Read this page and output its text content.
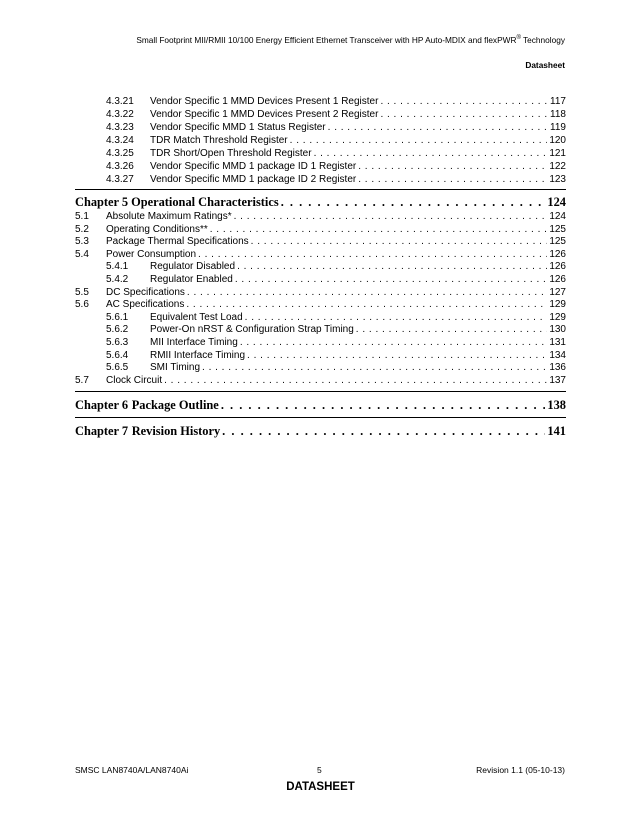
Small Footprint MII/RMII 10/100 Energy Efficient Ethernet Transceiver with HP Auto-MDIX and flexPWR® Technology
Datasheet
4.3.21	Vendor Specific 1 MMD Devices Present 1 Register . . .	117
4.3.22	Vendor Specific 1 MMD Devices Present 2 Register . . .	118
4.3.23	Vendor Specific MMD 1 Status Register . . .	119
4.3.24	TDR Match Threshold Register . . .	120
4.3.25	TDR Short/Open Threshold Register . . .	121
4.3.26	Vendor Specific MMD 1 package ID 1 Register . . .	122
4.3.27	Vendor Specific MMD 1 package ID 2 Register . . .	123
Chapter 5 Operational Characteristics . . .	124
5.1	Absolute Maximum Ratings* . . .	124
5.2	Operating Conditions** . . .	125
5.3	Package Thermal Specifications . . .	125
5.4	Power Consumption . . .	126
5.4.1	Regulator Disabled . . .	126
5.4.2	Regulator Enabled . . .	126
5.5	DC Specifications . . .	127
5.6	AC Specifications . . .	129
5.6.1	Equivalent Test Load . . .	129
5.6.2	Power-On nRST & Configuration Strap Timing . . .	130
5.6.3	MII Interface Timing . . .	131
5.6.4	RMII Interface Timing . . .	134
5.6.5	SMI Timing . . .	136
5.7	Clock Circuit . . .	137
Chapter 6 Package Outline . . .	138
Chapter 7 Revision History . . .	141
SMSC LAN8740A/LAN8740Ai	5	Revision 1.1 (05-10-13)
DATASHEET
